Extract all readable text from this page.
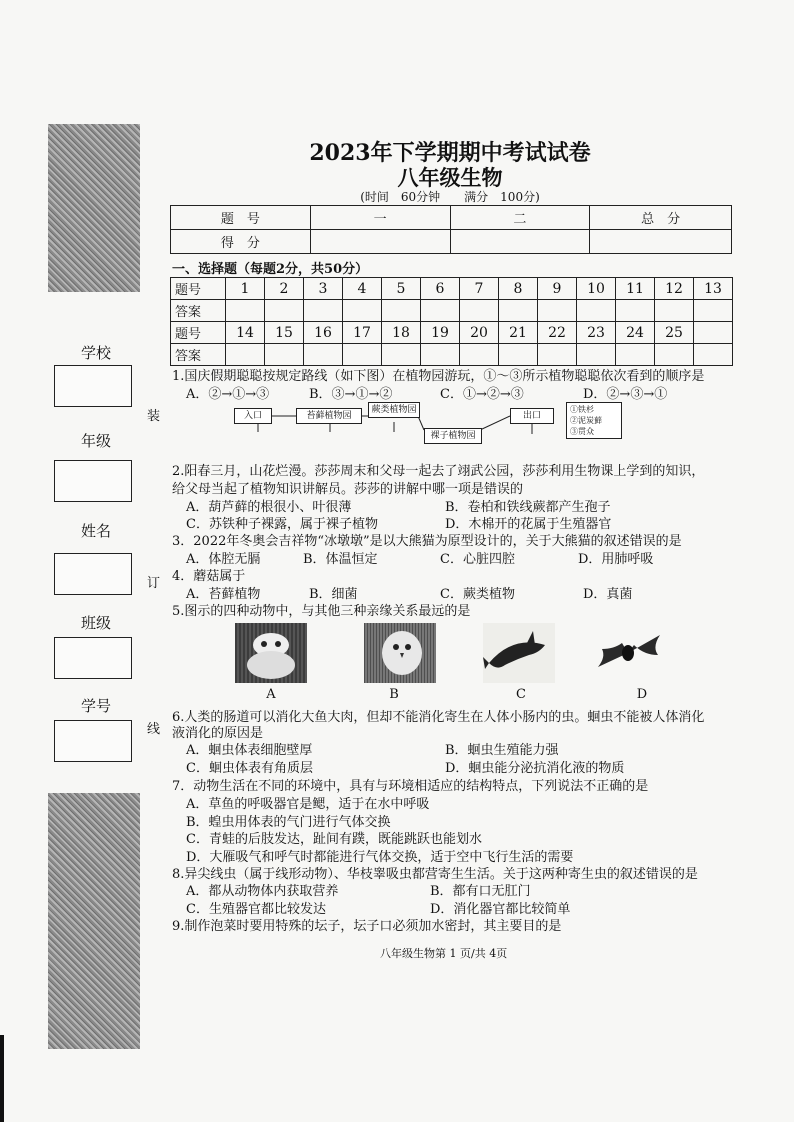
学校
年级
姓名
班级
学号
装
订
线
2023年下学期期中考试试卷
八年级生物
(时间　60分钟　　满分　100分)
题　号	一	二	总　分
得　分			
一、选择题（每题2分，共50分）
题号	1	2	3	4	5	6	7	8	9	10	11	12	13
答案													
题号	14	15	16	17	18	19	20	21	22	23	24	25	
答案													
1.国庆假期聪聪按规定路线（如下图）在植物园游玩，①～③所示植物聪聪依次看到的顺序是
A．②→①→③	B．③→①→②	C．①→②→③	D．②→③→①
入口	苔藓植物园
蕨类植物园
裸子植物园
出口
①铁杉
②泥炭藓
③贯众
2.阳春三月，山花烂漫。莎莎周末和父母一起去了翊武公园，莎莎利用生物课上学到的知识，
给父母当起了植物知识讲解员。莎莎的讲解中哪一项是错误的
A．葫芦藓的根很小、叶很薄	B．卷柏和铁线蕨都产生孢子
C．苏铁种子裸露，属于裸子植物	D．木棉开的花属于生殖器官
3．2022年冬奥会吉祥物“冰墩墩”是以大熊猫为原型设计的，关于大熊猫的叙述错误的是
A．体腔无膈	B．体温恒定	C．心脏四腔	D．用肺呼吸
4．蘑菇属于
A．苔藓植物	B．细菌	C．蕨类植物	D．真菌
5.图示的四种动物中，与其他三种亲缘关系最远的是
A	B	C	D
6.人类的肠道可以消化大鱼大肉，但却不能消化寄生在人体小肠内的虫。蛔虫不能被人体消化
液消化的原因是
A．蛔虫体表细胞壁厚	B．蛔虫生殖能力强
C．蛔虫体表有角质层	D．蛔虫能分泌抗消化液的物质
7．动物生活在不同的环境中，具有与环境相适应的结构特点，下列说法不正确的是
A．草鱼的呼吸器官是鳃，适于在水中呼吸
B．蝗虫用体表的气门进行气体交换
C．青蛙的后肢发达，趾间有蹼，既能跳跃也能划水
D．大雁吸气和呼气时都能进行气体交换，适于空中飞行生活的需要
8.异尖线虫（属于线形动物）、华枝睾吸虫都营寄生生活。关于这两种寄生虫的叙述错误的是
A．都从动物体内获取营养	B．都有口无肛门
C．生殖器官都比较发达	D．消化器官都比较简单
9.制作泡菜时要用特殊的坛子，坛子口必须加水密封，其主要目的是
八年级生物第 1 页/共 4页
